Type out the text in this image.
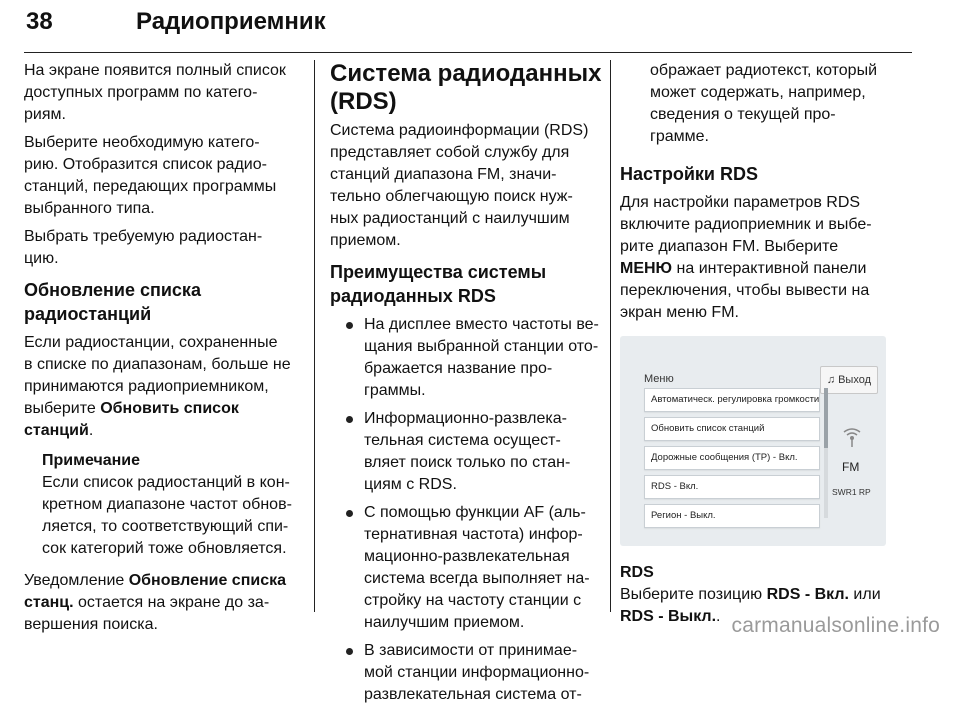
38	Радиоприемник

На экране появится полный список
доступных программ по катего-
риям.

Выберите необходимую катего-
рию. Отобразится список радио-
станций, передающих программы
выбранного типа.

Выбрать требуемую радиостан-
цию.

Обновление списка
радиостанций

Если радиостанции, сохраненные
в списке по диапазонам, больше не
принимаются радиоприемником,
выберите Обновить список
станций.

Примечание
Если список радиостанций в кон-
кретном диапазоне частот обнов-
ляется, то соответствующий спи-
сок категорий тоже обновляется.

Уведомление Обновление списка
станц. остается на экране до за-
вершения поиска.

Система радиоданных
(RDS)

Система радиоинформации (RDS)
представляет собой службу для
станций диапазона FM, значи-
тельно облегчающую поиск нуж-
ных радиостанций с наилучшим
приемом.

Преимущества системы
радиоданных RDS
На дисплее вместо частоты ве-
щания выбранной станции ото-
бражается название про-
граммы.
Информационно-развлека-
тельная система осущест-
вляет поиск только по стан-
циям с RDS.
С помощью функции AF (аль-
тернативная частота) инфор-
мационно-развлекательная
система всегда выполняет на-
стройку на частоту станции с
наилучшим приемом.
В зависимости от принимае-
мой станции информационно-
развлекательная система от-

ображает радиотекст, который
может содержать, например,
сведения о текущей про-
грамме.

Настройки RDS

Для настройки параметров RDS
включите радиоприемник и выбе-
рите диапазон FM. Выберите
МЕНЮ на интерактивной панели
переключения, чтобы вывести на
экран меню FM.

Меню	♫ Выход
Автоматическ. регулировка громкости
Обновить список станций
Дорожные сообщения (TP) - Вкл.
RDS - Вкл.
Регион - Выкл.
FM
SWR1 RP
RDS

Выберите позицию RDS - Вкл. или
RDS - Выкл.. carmanualsonline.info
